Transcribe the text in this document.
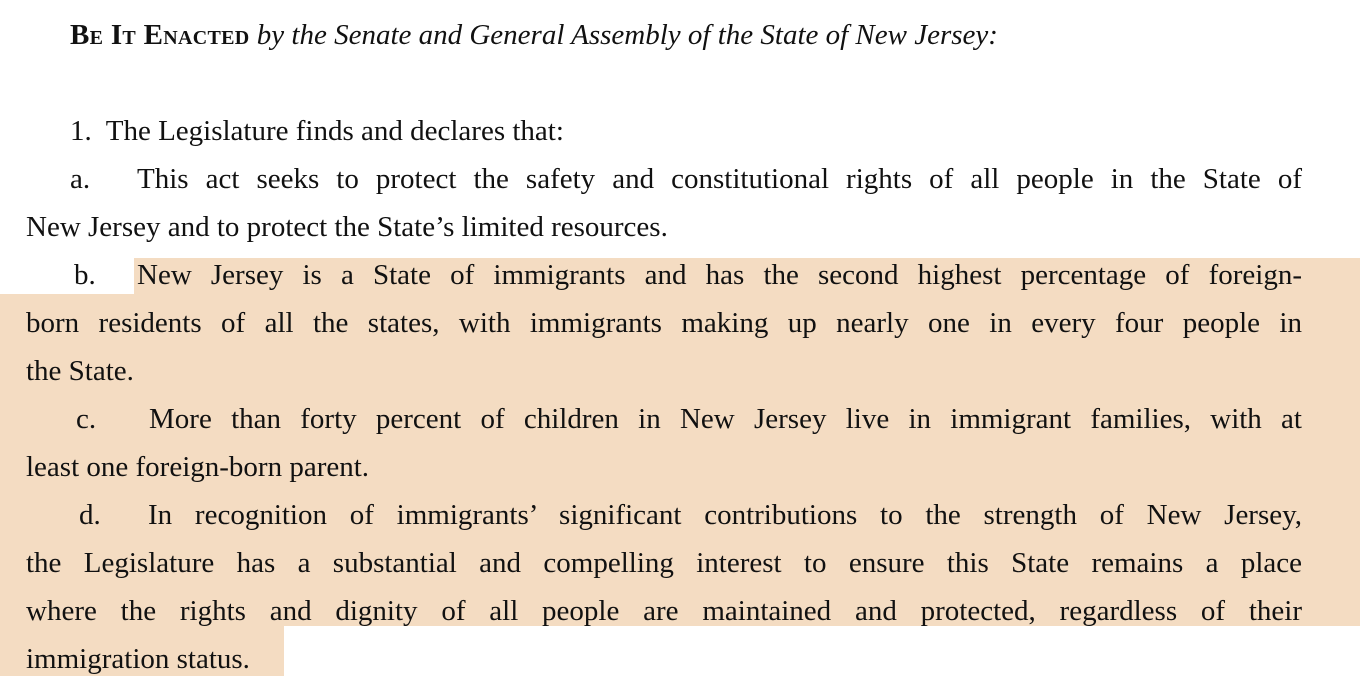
Be It Enacted by the Senate and General Assembly of the State of New Jersey:
1. The Legislature finds and declares that:
a. This act seeks to protect the safety and constitutional rights of all people in the State of
New Jersey and to protect the State’s limited resources.
b. New Jersey is a State of immigrants and has the second highest percentage of foreign-
born residents of all the states, with immigrants making up nearly one in every four people in
the State.
c. More than forty percent of children in New Jersey live in immigrant families, with at
least one foreign-born parent.
d. In recognition of immigrants’ significant contributions to the strength of New Jersey,
the Legislature has a substantial and compelling interest to ensure this State remains a place
where the rights and dignity of all people are maintained and protected, regardless of their
immigration status.
